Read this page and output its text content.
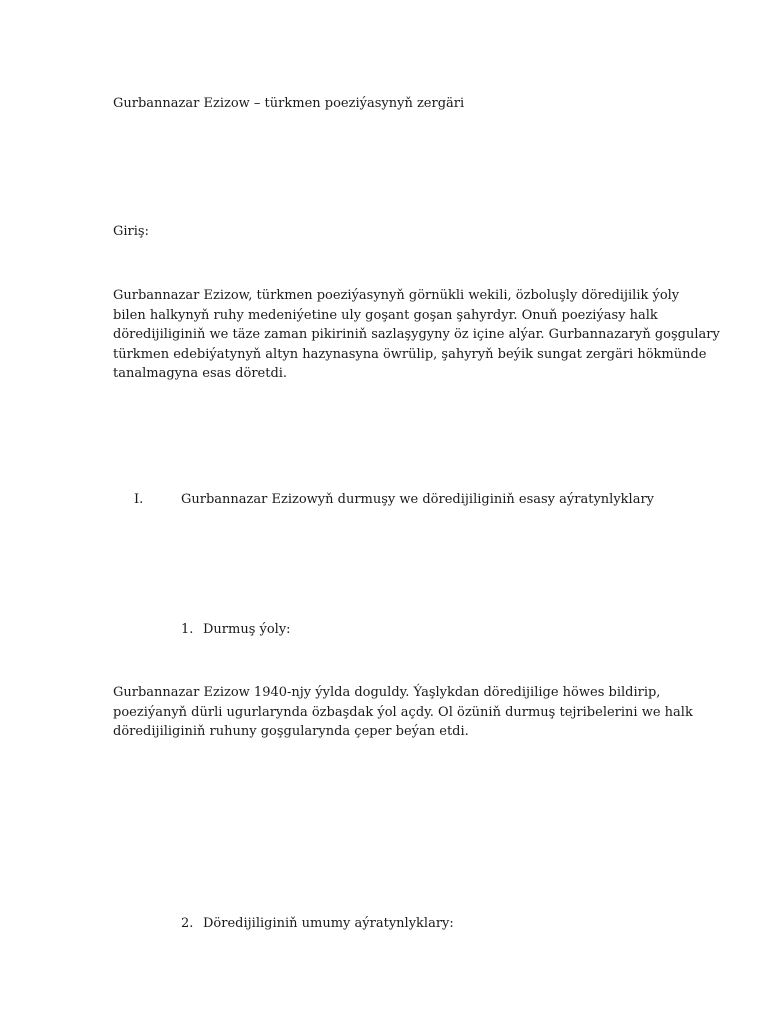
Gurbannazar Ezizow – türkmen poeziýasynyň zergäri
Giriş:
Gurbannazar Ezizow, türkmen poeziýasynyň görnükli wekili, özboluşly döredijilik ýoly
bilen halkynyň ruhy medeniýetine uly goşant goşan şahyrdyr. Onuň poeziýasy halk
döredijiliginiň we täze zaman pikiriniň sazlaşygyny öz içine alýar. Gurbannazaryň goşgulary
türkmen edebiýatynyň altyn hazynasyna öwrülip, şahyryň beýik sungat zergäri hökmünde
tanalmagyna esas döretdi.
I.	Gurbannazar Ezizowyň durmuşy we döredijiliginiň esasy aýratynlyklary
1. Durmuş ýoly:
Gurbannazar Ezizow 1940-njy ýylda doguldy. Ýaşlykdan döredijilige höwes bildirip,
poeziýanyň dürli ugurlarynda özbaşdak ýol açdy. Ol özüniň durmuş tejribelerini we halk
döredijiliginiň ruhuny goşgularynda çeper beýan etdi.
2. Döredijiliginiň umumy aýratynlyklary:
